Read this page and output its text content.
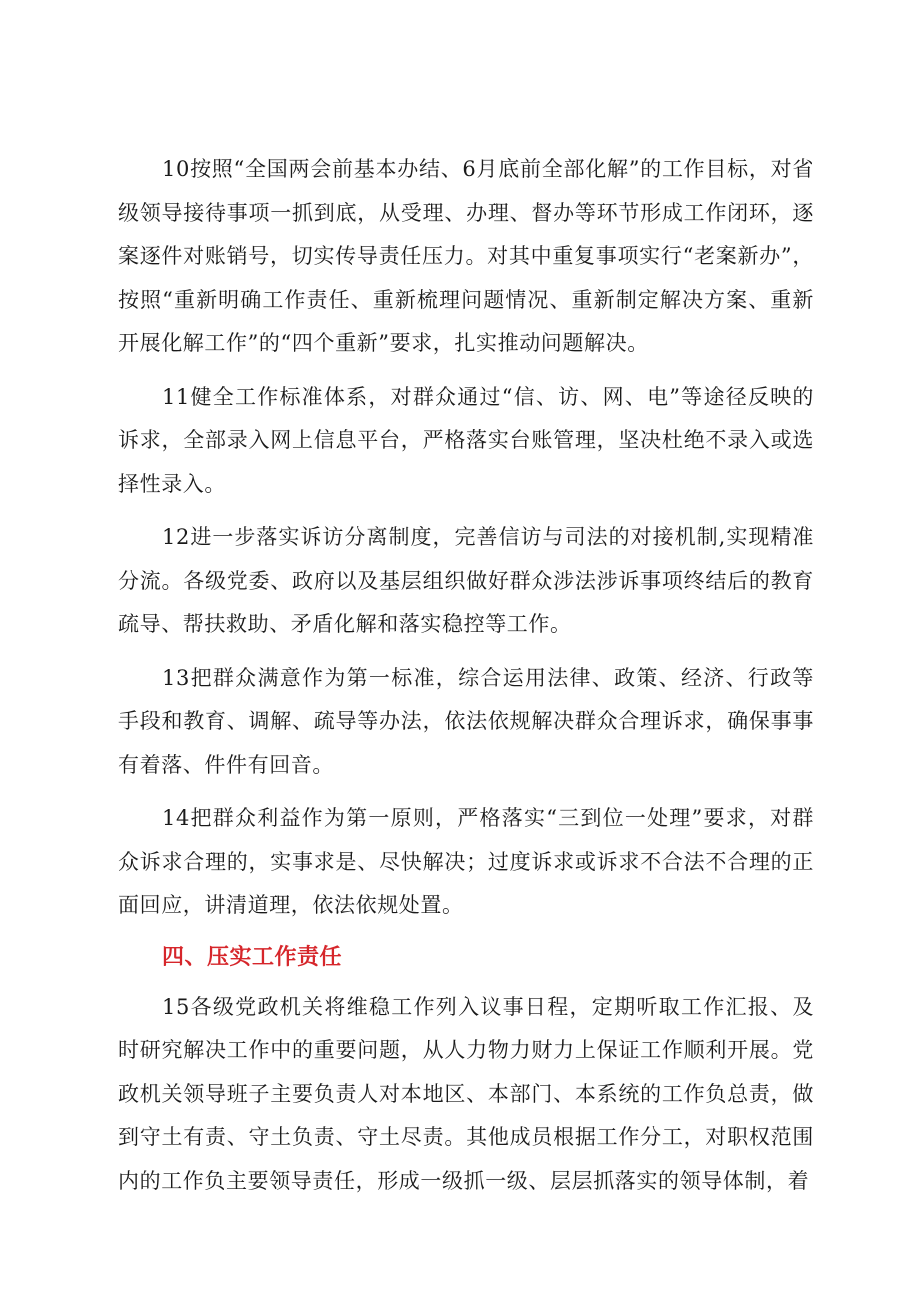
10按照“全国两会前基本办结、6月底前全部化解”的工作目标，对省级领导接待事项一抓到底，从受理、办理、督办等环节形成工作闭环，逐案逐件对账销号，切实传导责任压力。对其中重复事项实行“老案新办”，按照“重新明确工作责任、重新梳理问题情况、重新制定解决方案、重新开展化解工作”的“四个重新”要求，扎实推动问题解决。

11健全工作标准体系，对群众通过“信、访、网、电”等途径反映的诉求，全部录入网上信息平台，严格落实台账管理，坚决杜绝不录入或选择性录入。

12进一步落实诉访分离制度，完善信访与司法的对接机制,实现精准分流。各级党委、政府以及基层组织做好群众涉法涉诉事项终结后的教育疏导、帮扶救助、矛盾化解和落实稳控等工作。

13把群众满意作为第一标准，综合运用法律、政策、经济、行政等手段和教育、调解、疏导等办法，依法依规解决群众合理诉求，确保事事有着落、件件有回音。

14把群众利益作为第一原则，严格落实“三到位一处理”要求，对群众诉求合理的，实事求是、尽快解决；过度诉求或诉求不合法不合理的正面回应，讲清道理，依法依规处置。

四、压实工作责任

15各级党政机关将维稳工作列入议事日程，定期听取工作汇报、及时研究解决工作中的重要问题，从人力物力财力上保证工作顺利开展。党政机关领导班子主要负责人对本地区、本部门、本系统的工作负总责，做到守土有责、守土负责、守土尽责。其他成员根据工作分工，对职权范围内的工作负主要领导责任，形成一级抓一级、层层抓落实的领导体制，着
